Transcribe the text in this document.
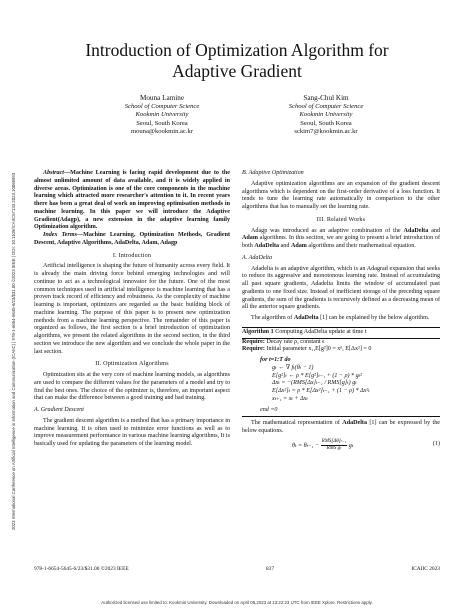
2023 International Conference on Artificial Intelligence in Information and Communication (ICAIIC) | 978-1-6654-5645-6/23/$31.00 ©2023 IEEE | DOI: 10.1109/ICAIIC57133.2023.10066993
Introduction of Optimization Algorithm for
Adaptive Gradient
Mouna Lamine
School of Computer Science
Kookmin University
Seoul, South Korea
mouna@kookmin.ac.kr
Sang-Chul Kim
School of Computer Science
Kookmin University
Seoul, South Korea
sckim7@kookmin.ac.kr

Abstract—Machine Learning is facing rapid development due to the almost unlimited amount of data available, and it is widely applied in diverse areas. Optimization is one of the core components in the machine learning which attracted more researcher's attention to it. In recent years there has been a great deal of work on improving optimisation methods in machine learning. In this paper we will introduce the Adaptive Gradient(Adagp), a new extension in the adaptive learning family Optimization algorithm.

Index Terms—Machine Learning, Optimization Methods, Gradient Descent, Adaptive Algorithms, AdaDelta, Adam, Adagp

I. Introduction

Artificial intelligence is shaping the future of humanity across every field. It is already the main driving force behind emerging technologies and will continue to act as a technological innovator for the future. One of the most common techniques used in artificial intelligence is machine learning that has a proven track record of efficiency and robustness. As the complexity of machine learning is important, optimizers are regarded as the basic building block of machine learning. The purpose of this paper is to present new optimization methods from a machine learning perspective. The remainder of this paper is organized as follows, the first section is a brief introduction of optimization algorithms, we present the related algorithms in the second section, in the third section we introduce the new algorithm and we conclude the whole paper in the last section.

II. Optimization Algorithms

Optimization sits at the very core of machine learning models, as algorithms are used to compare the different values for the parameters of a model and try to find the best ones. The choice of the optimizer is, therefore, an important aspect that can make the difference between a good training and bad training.

A. Gradient Descent

The gradient descent algorithm is a method that has a primary importance in machine learning. It is often used to minimize error functions as well as to improve measurement performance in various machine learning algorithms, It is basically used for updating the parameters of the learning model.

B. Adaptive Optimization

Adaptive optimization algorithms are an expansion of the gradient descent algorithms which is dependent on the first-order derivative of a loss function. It tends to tune the learning rate automatically in comparison to the other algorithms that has to manually set the learning rate.

III. Related Works

Adagp was introduced as an adaptive combination of the AdaDelta and Adam algorithms. In this section, we are going to present a brief introduction of both AdaDelta and Adam algorithms and their mathematical equation.

A. AdaDelta

Adadelta is an adaptive algorithm, which is an Adagrad expansion that seeks to reduce its aggressive and monotonous learning rate. Instead of accumulating all past square gradients, Adadelta limits the window of accumulated past gradients to one fixed size. Instead of inefficient storage of the preceding square gradients, the sum of the gradients is recursively defined as a decreasing mean of all the anterior square gradients.

The algorithm of AdaDelta [1] can be explained by the below algorithm.

Algorithm 1 Computing AdaDelta update at time t
Require:
Decay rate ρ, constant ϵ
Require:
Initial parameter x₁,E[g²]0 = xⁿ, E[Δx²] = 0
for t=1:T do
gₜ ← ∇ fₜ(θₜ − 1)
E[g²]ₜ ← ρ * E[g²]ₜ₋₁ + (1 − ρ) * gₜ²
Δxₜ = −(RMS[Δx]ₜ₋₁ / RMS[g]ₜ) gₜ
E[Δx²]ₜ = ρ * E[Δx²]ₜ₋₁ + (1 − ρ) * Δx²ₜ
xₜ₊₁ = xₜ + Δxₜ
end =0

The mathematical representation of AdaDelta [1] can be expressed by the below equations.

$\theta_t = \theta_{t-1} - \frac{\text{RMS[Δθ]ₜ₋₁}}{\text{RMS gₜ}}$ gₜ	(1)
978-1-6654-5645-6/23/$31.00 ©2023 IEEE	837	ICAIIC 2023
Authorized licensed use limited to: Kookmin University. Downloaded on April 05,2023 at 13:22:23 UTC from IEEE Xplore. Restrictions apply.
